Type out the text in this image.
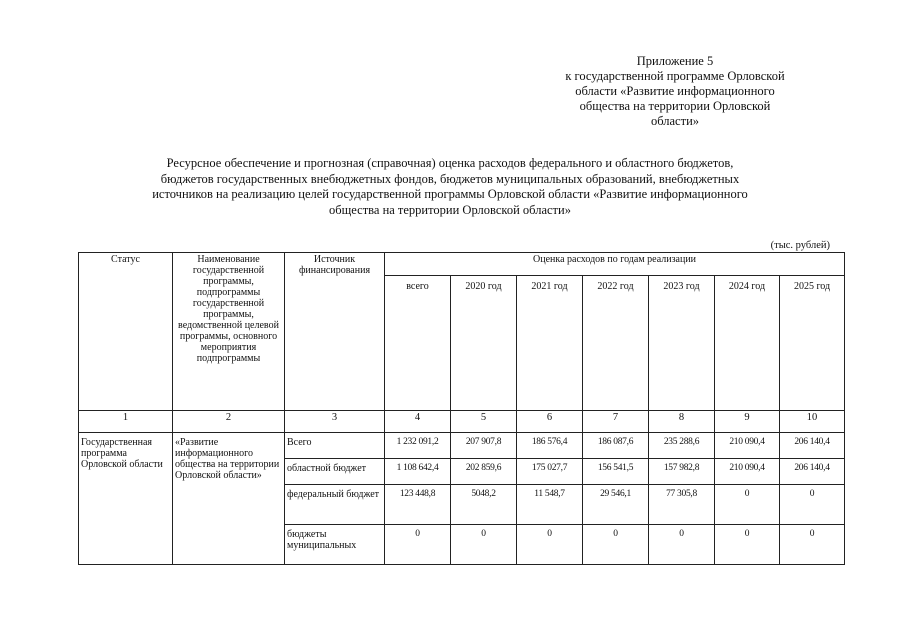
Приложение 5
к государственной программе Орловской
области «Развитие информационного
общества на территории Орловской
области»
Ресурсное обеспечение и прогнозная (справочная) оценка расходов федерального и областного бюджетов,
бюджетов государственных внебюджетных фондов, бюджетов муниципальных образований, внебюджетных
источников на реализацию целей государственной программы Орловской области «Развитие информационного
общества на территории Орловской области»
(тыс. рублей)
Статус	Наименование государственной программы, подпрограммы государственной программы, ведомственной целевой программы, основного мероприятия подпрограммы	Источник финансирования	Оценка расходов по годам реализации						
			всего	2020 год	2021 год	2022 год	2023 год	2024 год	2025 год
1	2	3	4	5	6	7	8	9	10
Государственная программа Орловской области	«Развитие информационного общества на территории Орловской области»	Всего	1 232 091,2	207 907,8	186 576,4	186 087,6	235 288,6	210 090,4	206 140,4
		областной бюджет	1 108 642,4	202 859,6	175 027,7	156 541,5	157 982,8	210 090,4	206 140,4
		федеральный бюджет	123 448,8	5048,2	11 548,7	29 546,1	77 305,8	0	0
		бюджеты муниципальных	0	0	0	0	0	0	0
